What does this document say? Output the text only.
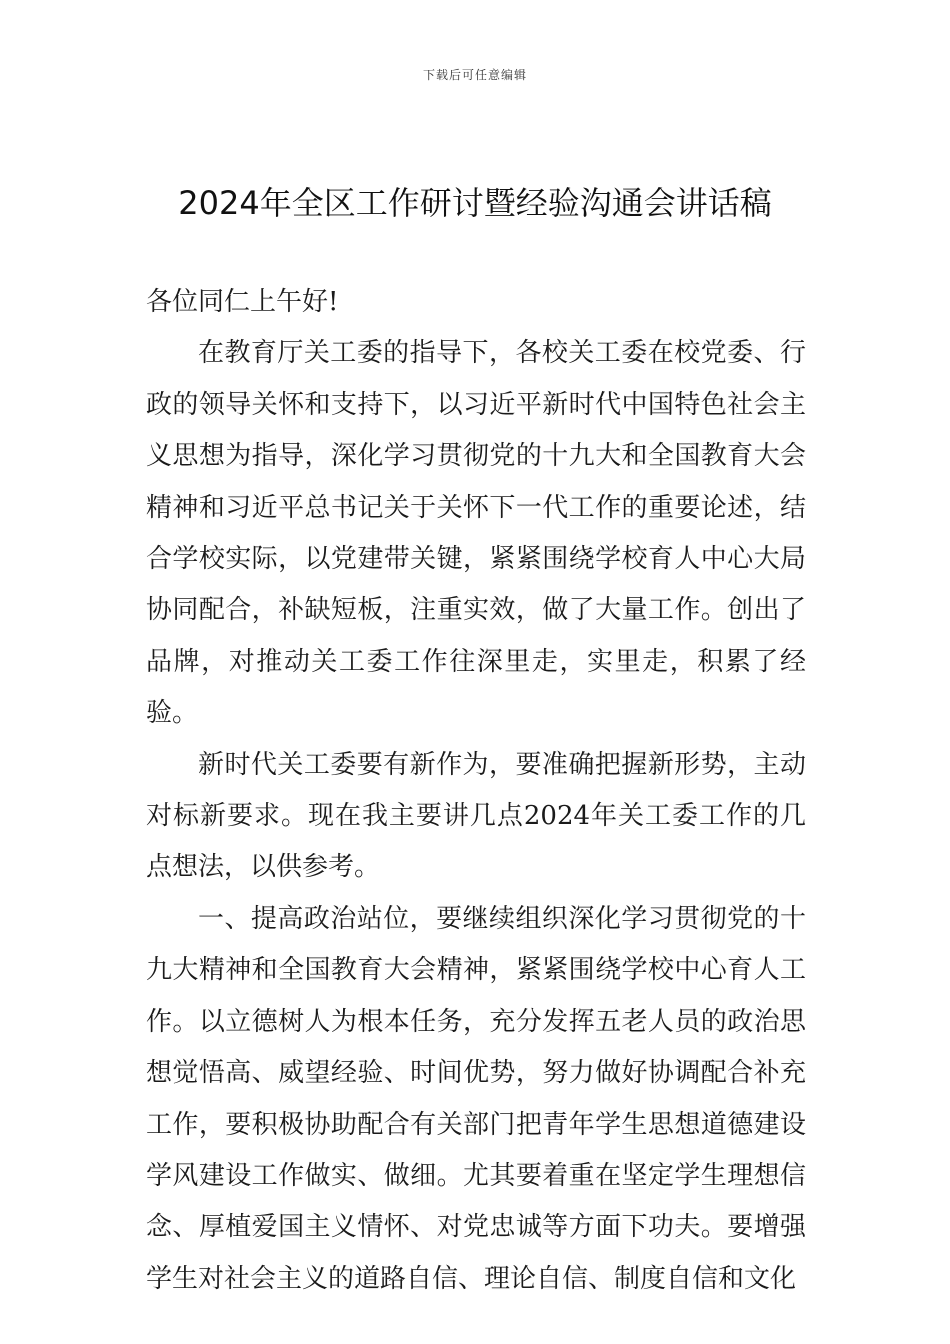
下载后可任意编辑
2024年全区工作研讨暨经验沟通会讲话稿

各位同仁上午好!

在教育厅关工委的指导下，各校关工委在校党委、行政的领导关怀和支持下，以习近平新时代中国特色社会主义思想为指导，深化学习贯彻党的十九大和全国教育大会精神和习近平总书记关于关怀下一代工作的重要论述，结合学校实际，以党建带关键，紧紧围绕学校育人中心大局协同配合，补缺短板，注重实效，做了大量工作。创出了品牌，对推动关工委工作往深里走，实里走，积累了经验。

新时代关工委要有新作为，要准确把握新形势，主动对标新要求。现在我主要讲几点2024年关工委工作的几点想法，以供参考。

一、提高政治站位，要继续组织深化学习贯彻党的十九大精神和全国教育大会精神，紧紧围绕学校中心育人工作。以立德树人为根本任务，充分发挥五老人员的政治思想觉悟高、威望经验、时间优势，努力做好协调配合补充工作，要积极协助配合有关部门把青年学生思想道德建设学风建设工作做实、做细。尤其要着重在坚定学生理想信念、厚植爱国主义情怀、对党忠诚等方面下功夫。要增强学生对社会主义的道路自信、理论自信、制度自信和文化
